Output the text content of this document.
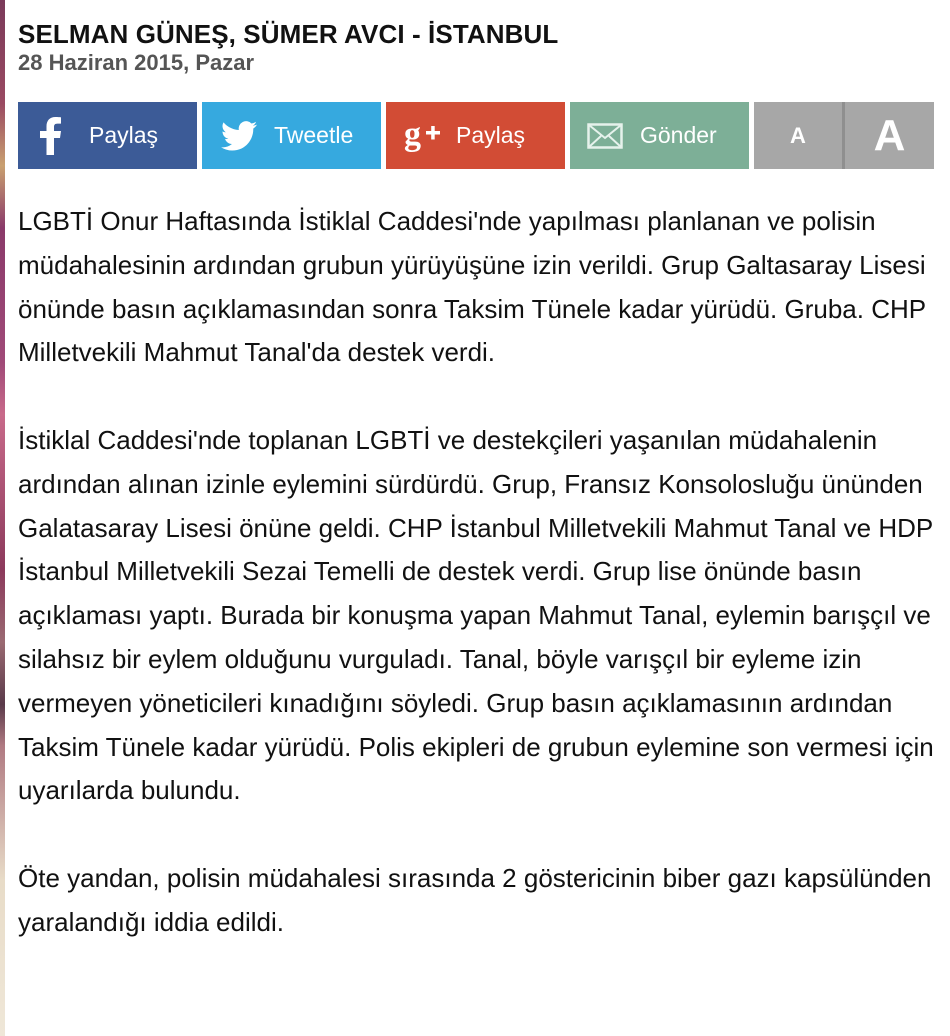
SELMAN GÜNEŞ, SÜMER AVCI - İSTANBUL
28 Haziran 2015, Pazar
Paylaş	Tweetle g Paylaş	Gönder	A	A

LGBTİ Onur Haftasında İstiklal Caddesi'nde yapılması planlanan ve polisin müdahalesinin ardından grubun yürüyüşüne izin verildi. Grup Galtasaray Lisesi önünde basın açıklamasından sonra Taksim Tünele kadar yürüdü. Gruba. CHP Milletvekili Mahmut Tanal'da destek verdi.

İstiklal Caddesi'nde toplanan LGBTİ ve destekçileri yaşanılan müdahalenin ardından alınan izinle eylemini sürdürdü. Grup, Fransız Konsolosluğu ününden Galatasaray Lisesi önüne geldi. CHP İstanbul Milletvekili Mahmut Tanal ve HDP İstanbul Milletvekili Sezai Temelli de destek verdi. Grup lise önünde basın açıklaması yaptı. Burada bir konuşma yapan Mahmut Tanal, eylemin barışçıl ve silahsız bir eylem olduğunu vurguladı. Tanal, böyle varışçıl bir eyleme izin vermeyen yöneticileri kınadığını söyledi. Grup basın açıklamasının ardından Taksim Tünele kadar yürüdü. Polis ekipleri de grubun eylemine son vermesi için uyarılarda bulundu.

Öte yandan, polisin müdahalesi sırasında 2 göstericinin biber gazı kapsülünden yaralandığı iddia edildi.
